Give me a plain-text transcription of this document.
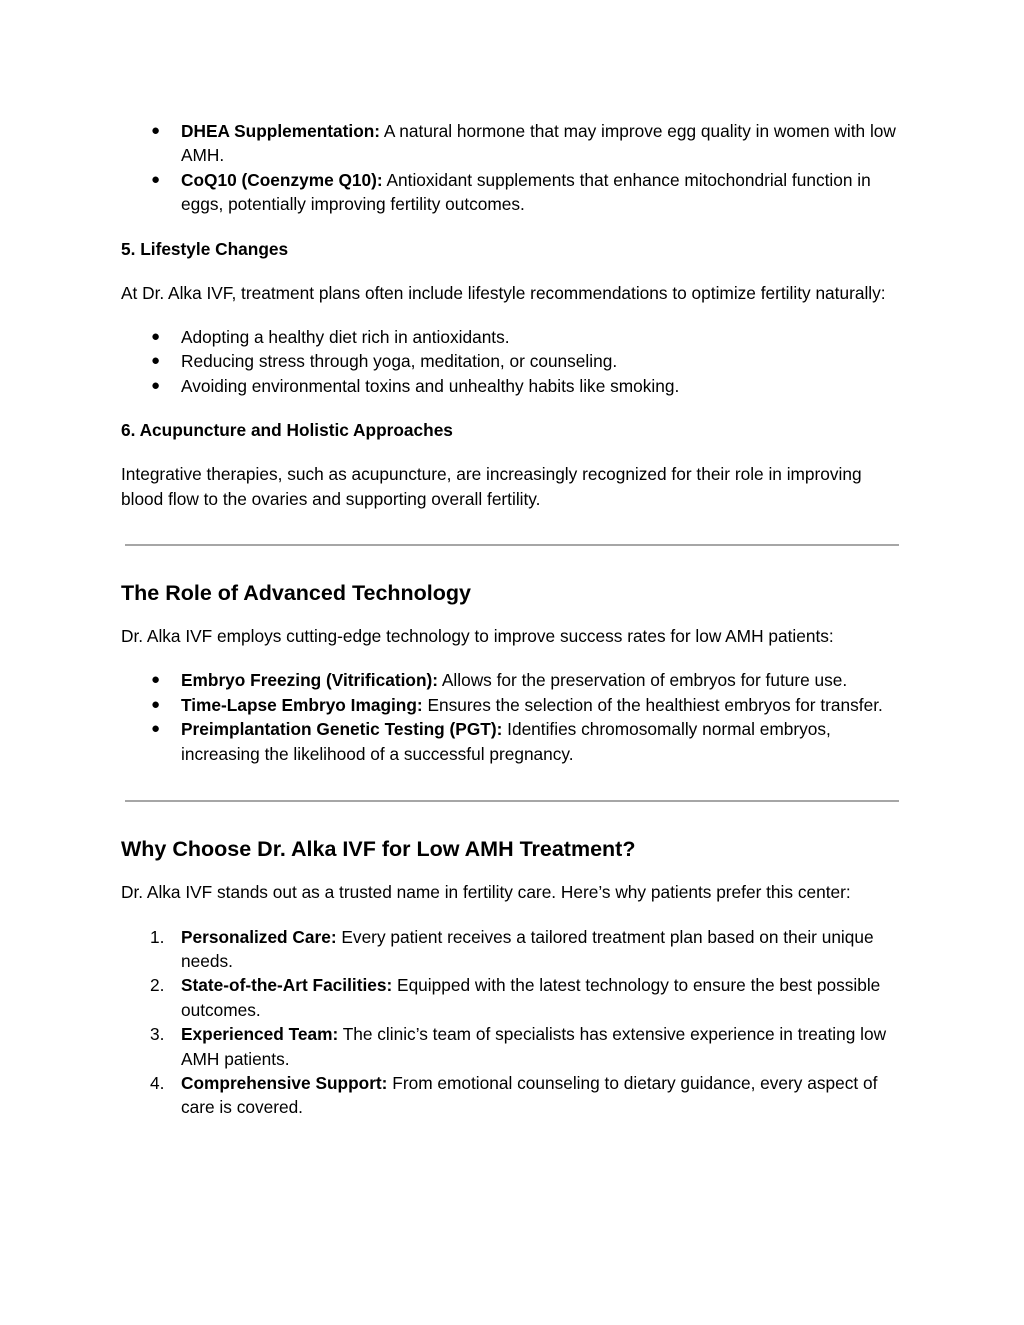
● DHEA Supplementation: A natural hormone that may improve egg quality in women with low AMH.
● CoQ10 (Coenzyme Q10): Antioxidant supplements that enhance mitochondrial function in eggs, potentially improving fertility outcomes.
5. Lifestyle Changes

At Dr. Alka IVF, treatment plans often include lifestyle recommendations to optimize fertility naturally:

● Adopting a healthy diet rich in antioxidants.
● Reducing stress through yoga, meditation, or counseling.
● Avoiding environmental toxins and unhealthy habits like smoking.
6. Acupuncture and Holistic Approaches

Integrative therapies, such as acupuncture, are increasingly recognized for their role in improving blood flow to the ovaries and supporting overall fertility.

The Role of Advanced Technology

Dr. Alka IVF employs cutting-edge technology to improve success rates for low AMH patients:

● Embryo Freezing (Vitrification): Allows for the preservation of embryos for future use.
● Time-Lapse Embryo Imaging: Ensures the selection of the healthiest embryos for transfer.
● Preimplantation Genetic Testing (PGT): Identifies chromosomally normal embryos, increasing the likelihood of a successful pregnancy.
Why Choose Dr. Alka IVF for Low AMH Treatment?

Dr. Alka IVF stands out as a trusted name in fertility care. Here’s why patients prefer this center:

1. Personalized Care: Every patient receives a tailored treatment plan based on their unique needs.
2. State-of-the-Art Facilities: Equipped with the latest technology to ensure the best possible outcomes.
3. Experienced Team: The clinic’s team of specialists has extensive experience in treating low AMH patients.
4. Comprehensive Support: From emotional counseling to dietary guidance, every aspect of care is covered.
